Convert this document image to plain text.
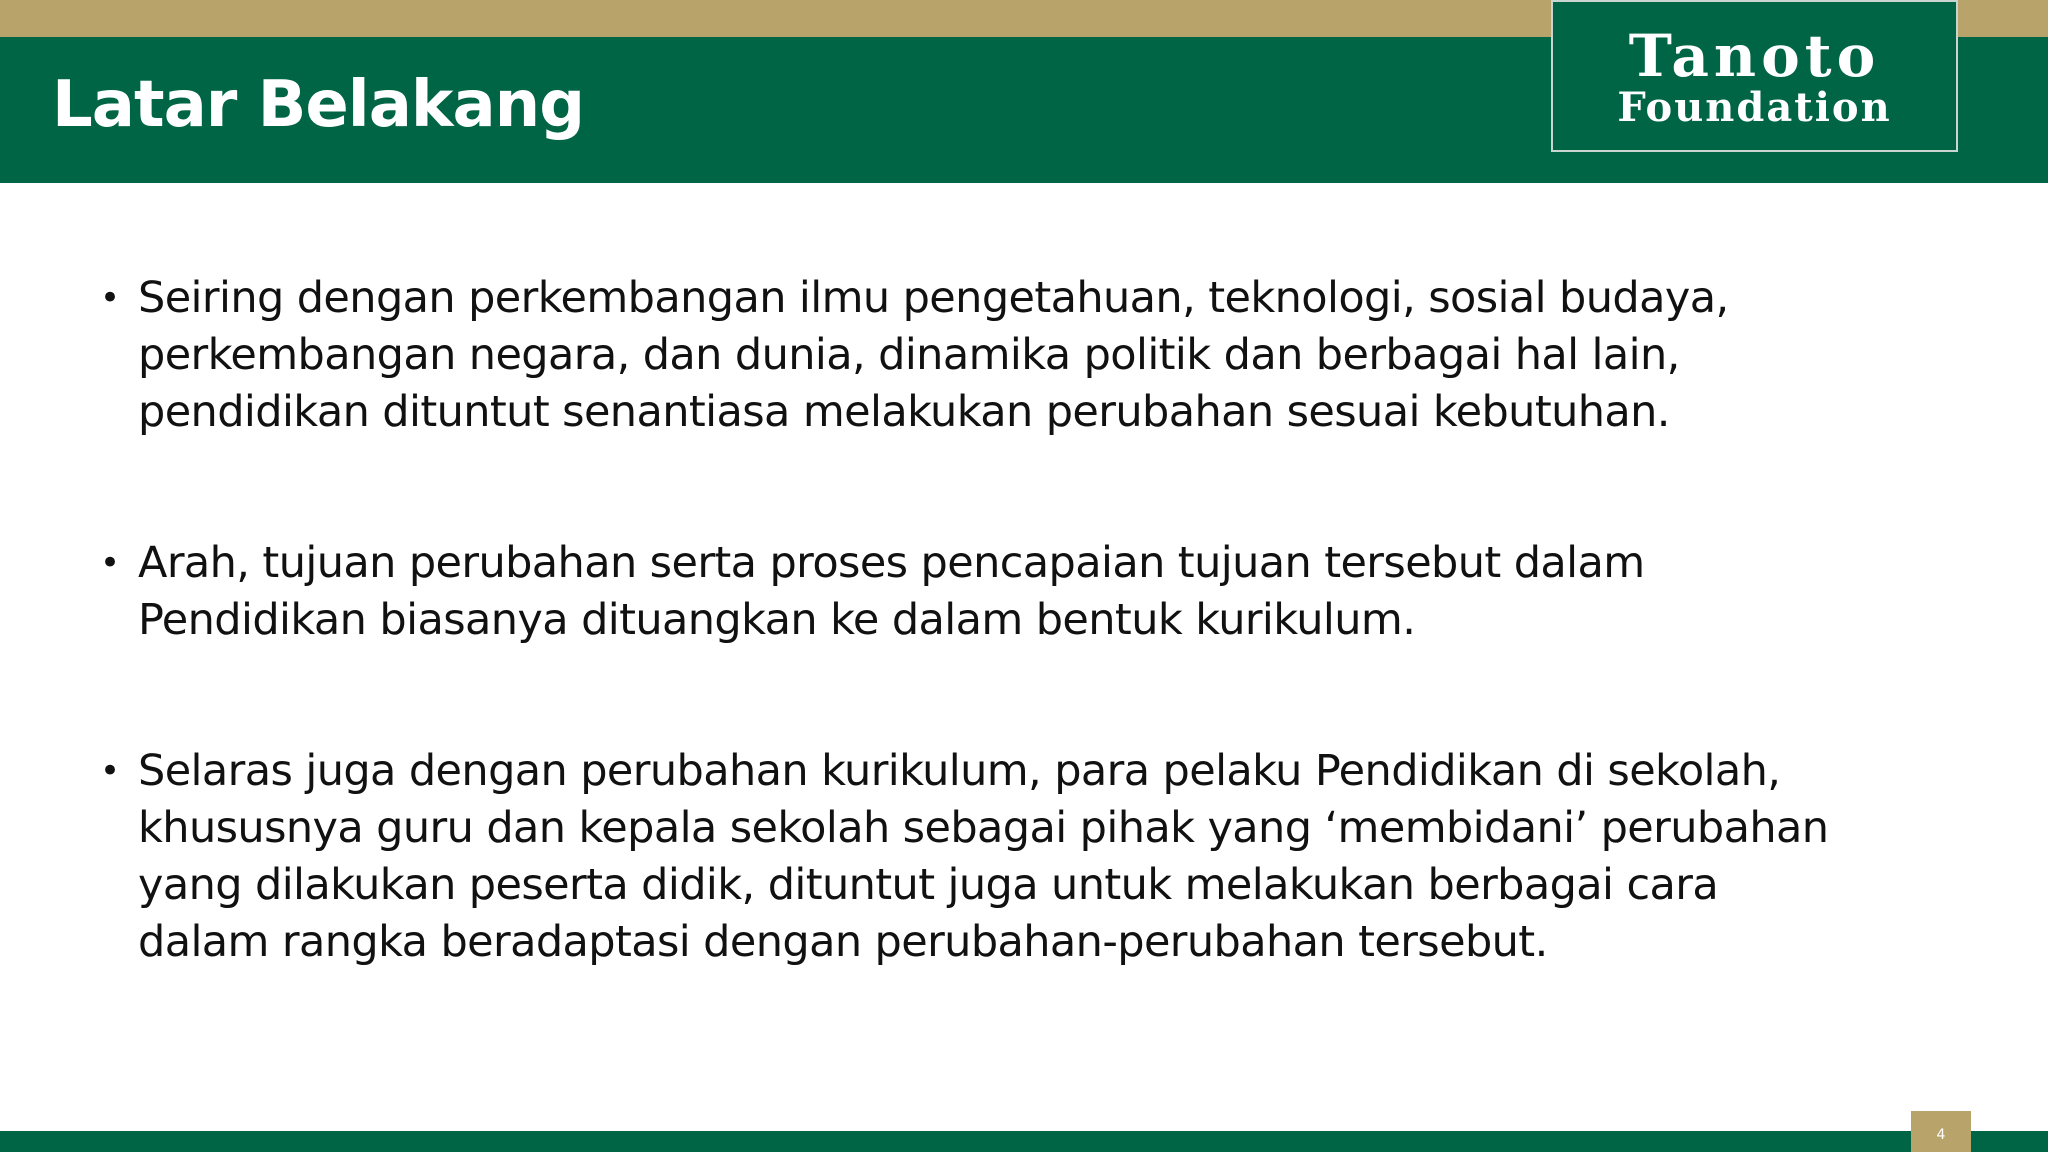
Latar Belakang
Tanoto
Foundation

• Seiring dengan perkembangan ilmu pengetahuan, teknologi, sosial budaya,
perkembangan negara, dan dunia, dinamika politik dan berbagai hal lain,
pendidikan dituntut senantiasa melakukan perubahan sesuai kebutuhan.

• Arah, tujuan perubahan serta proses pencapaian tujuan tersebut dalam
Pendidikan biasanya dituangkan ke dalam bentuk kurikulum.

• Selaras juga dengan perubahan kurikulum, para pelaku Pendidikan di sekolah,
khususnya guru dan kepala sekolah sebagai pihak yang ‘membidani’ perubahan
yang dilakukan peserta didik, dituntut juga untuk melakukan berbagai cara
dalam rangka beradaptasi dengan perubahan-perubahan tersebut.

4
